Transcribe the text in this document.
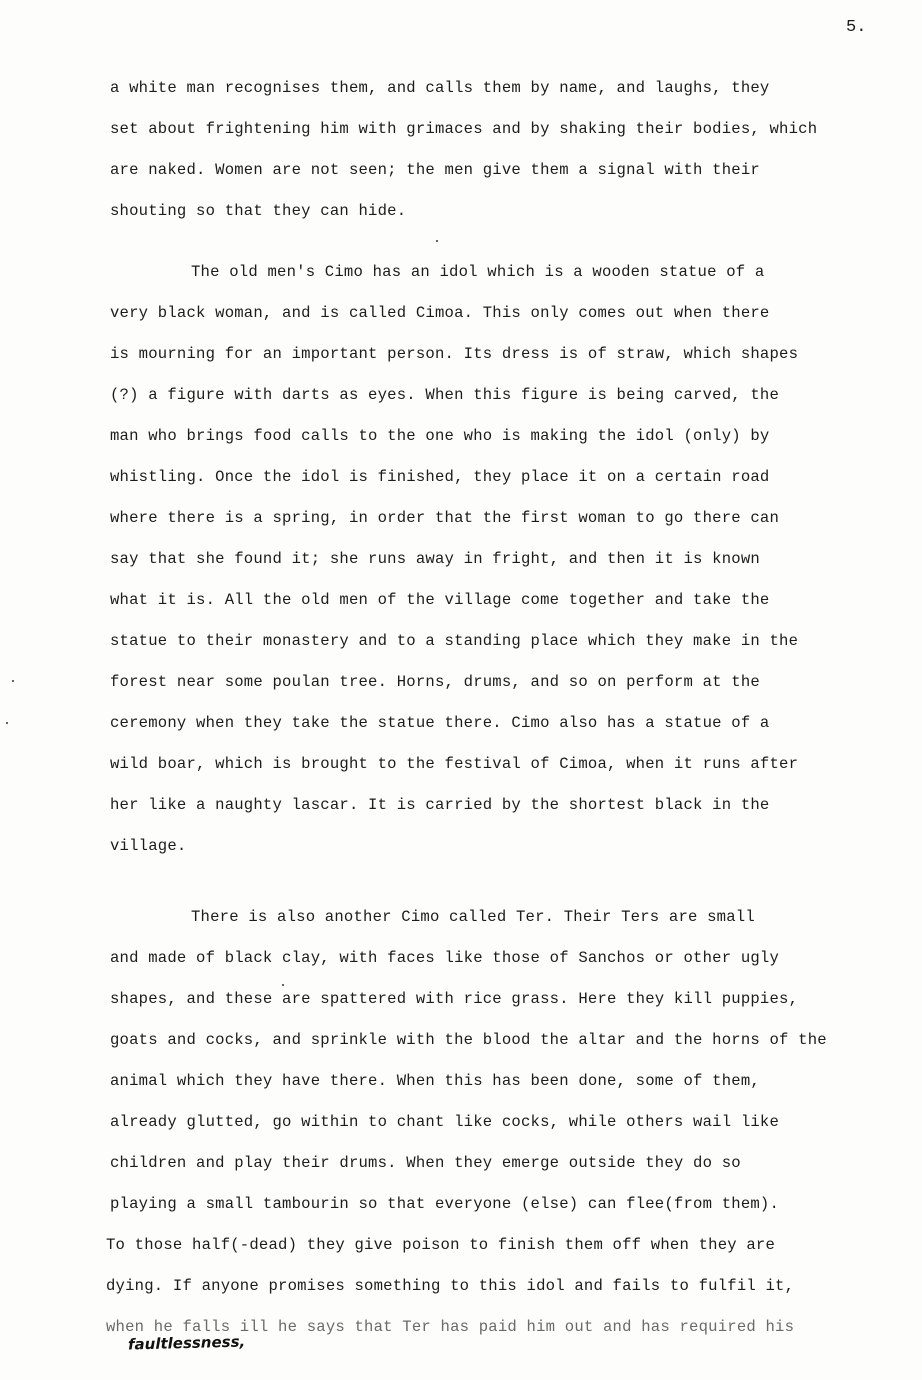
5.
a white man recognises them, and calls them by name, and laughs, they
set about frightening him with grimaces and by shaking their bodies, which
are naked. Women are not seen; the men give them a signal with their
shouting so that they can hide.
The old men's Cimo has an idol which is a wooden statue of a
very black woman, and is called Cimoa. This only comes out when there
is mourning for an important person. Its dress is of straw, which shapes
(?) a figure with darts as eyes. When this figure is being carved, the
man who brings food calls to the one who is making the idol (only) by
whistling. Once the idol is finished, they place it on a certain road
where there is a spring, in order that the first woman to go there can
say that she found it; she runs away in fright, and then it is known
what it is. All the old men of the village come together and take the
statue to their monastery and to a standing place which they make in the
forest near some poulan tree. Horns, drums, and so on perform at the
ceremony when they take the statue there. Cimo also has a statue of a
wild boar, which is brought to the festival of Cimoa, when it runs after
her like a naughty lascar. It is carried by the shortest black in the
village.
There is also another Cimo called Ter. Their Ters are small
and made of black clay, with faces like those of Sanchos or other ugly
shapes, and these are spattered with rice grass. Here they kill puppies,
goats and cocks, and sprinkle with the blood the altar and the horns of the
animal which they have there. When this has been done, some of them,
already glutted, go within to chant like cocks, while others wail like
children and play their drums. When they emerge outside they do so
playing a small tambourin so that everyone (else) can flee(from them).
To those half(-dead) they give poison to finish them off when they are
dying. If anyone promises something to this idol and fails to fulfil it,
when he falls ill he says that Ter has paid him out and has required his
faultlessness,
